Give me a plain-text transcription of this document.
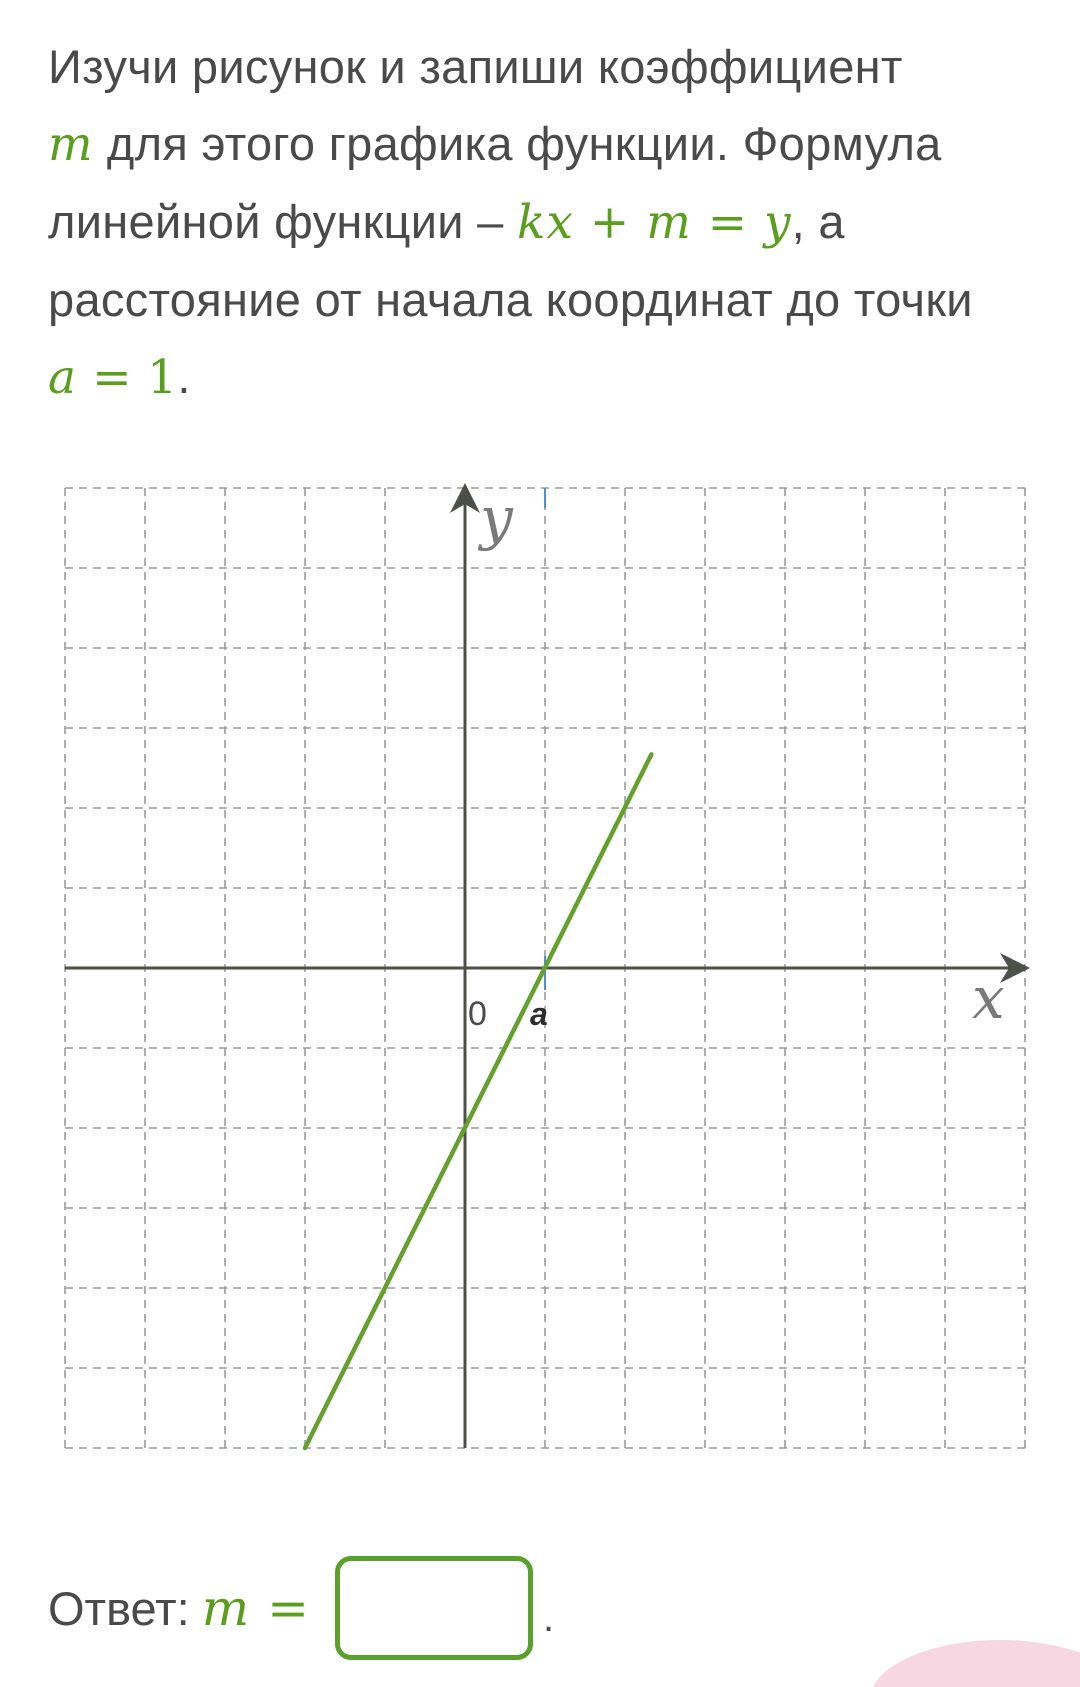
Изучи рисунок и запиши коэффициент
m для этого графика функции. Формула
линейной функции – kx + m = y, а
расстояние от начала координат до точки
a = 1.
y
x
0 a
Ответ: m =	.
